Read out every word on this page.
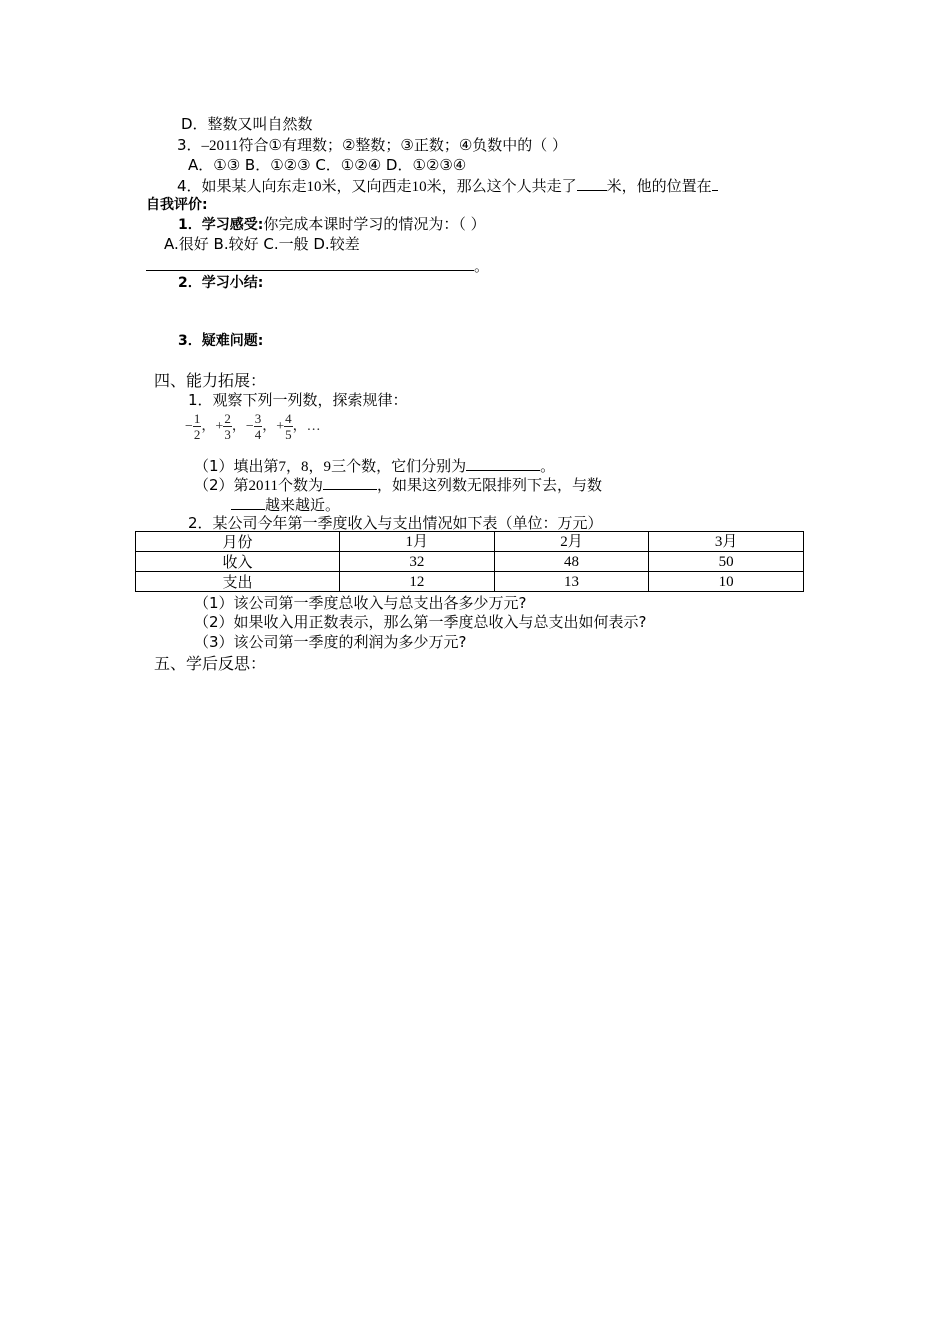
D．整数又叫自然数
3．–2011符合①有理数；②整数；③正数；④负数中的（ ）
A．①③ B．①②③ C．①②④ D．①②③④
4．如果某人向东走10米，又向西走10米，那么这个人共走了 米，他的位置在
自我评价:
1．学习感受:你完成本课时学习的情况为：（ ）
A.很好 B.较好 C.一般 D.较差
。
2．学习小结:
3．疑难问题:
四、能力拓展：
1．观察下列一列数，探索规律：
− $\frac{1}{2}$ ，+ $\frac{2}{3}$ ，− $\frac{3}{4}$ ，+ $\frac{4}{5}$ ，…
（1）填出第7，8，9三个数，它们分别为	。
（2）第2011个数为	，如果这列数无限排列下去，与数
越来越近。
2．某公司今年第一季度收入与支出情况如下表（单位：万元）
月份	1月	2月	3月
收入	32	48	50
支出	12	13	10
（1）该公司第一季度总收入与总支出各多少万元?
（2）如果收入用正数表示，那么第一季度总收入与总支出如何表示?
（3）该公司第一季度的利润为多少万元?
五、学后反思：
